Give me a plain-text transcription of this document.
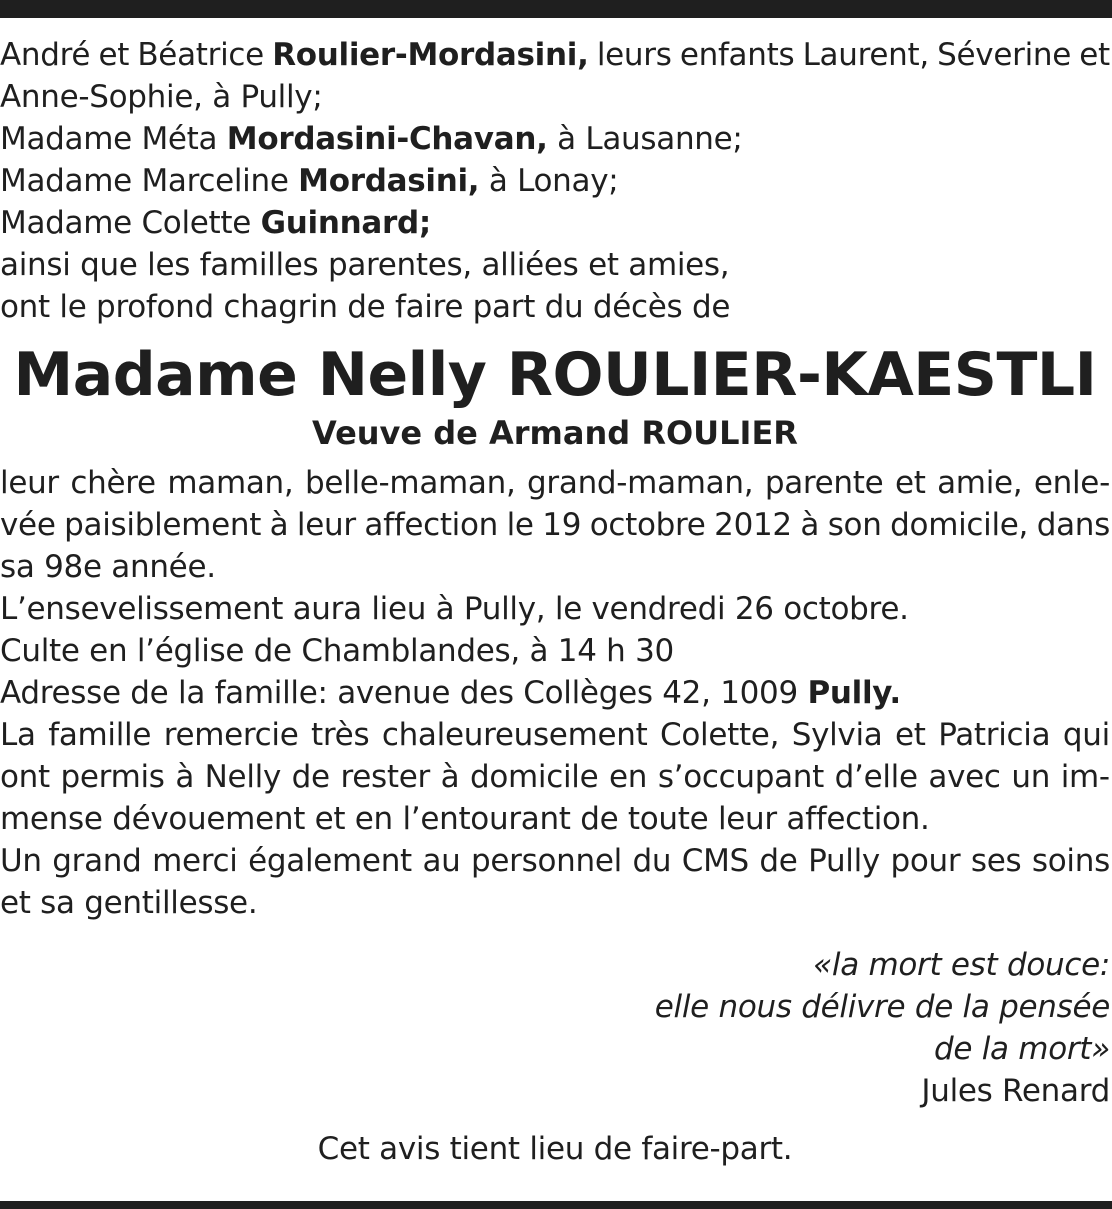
André et Béatrice Roulier-Mordasini, leurs enfants Laurent, Séverine et
Anne-Sophie, à Pully;
Madame Méta Mordasini-Chavan, à Lausanne;
Madame Marceline Mordasini, à Lonay;
Madame Colette Guinnard;
ainsi que les familles parentes, alliées et amies,
ont le profond chagrin de faire part du décès de
Madame Nelly ROULIER-KAESTLI
Veuve de Armand ROULIER
leur chère maman, belle-maman, grand-maman, parente et amie, enle-
vée paisiblement à leur affection le 19 octobre 2012 à son domicile, dans
sa 98e année.
L’ensevelissement aura lieu à Pully, le vendredi 26 octobre.
Culte en l’église de Chamblandes, à 14 h 30
Adresse de la famille: avenue des Collèges 42, 1009 Pully.
La famille remercie très chaleureusement Colette, Sylvia et Patricia qui
ont permis à Nelly de rester à domicile en s’occupant d’elle avec un im-
mense dévouement et en l’entourant de toute leur affection.
Un grand merci également au personnel du CMS de Pully pour ses soins
et sa gentillesse.
«la mort est douce:
elle nous délivre de la pensée
de la mort»
Jules Renard
Cet avis tient lieu de faire-part.
